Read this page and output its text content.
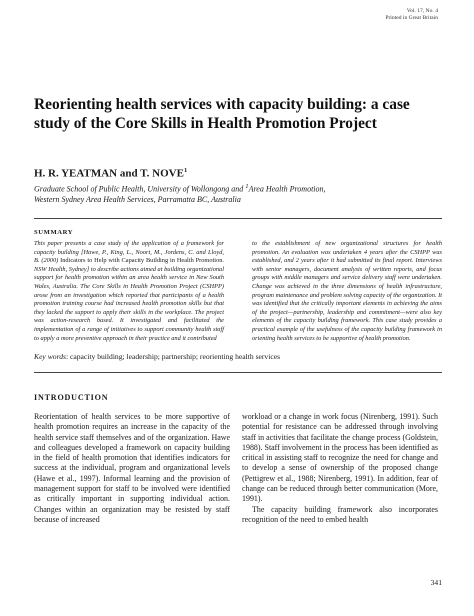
Vol. 17, No. 4
Printed in Great Britain
Reorienting health services with capacity building: a case study of the Core Skills in Health Promotion Project
H. R. YEATMAN and T. NOVE$^1$
Graduate School of Public Health, University of Wollongong and $^1$Area Health Promotion,
Western Sydney Area Health Services, Parramatta BC, Australia
SUMMARY
This paper presents a case study of the application of a framework for capacity building [Hawe, P., King, L., Noort, M., Jordens, C. and Lloyd, B. (2000) Indicators to Help with Capacity Building in Health Promotion. NSW Health, Sydney] to describe actions aimed at building organizational support for health promotion within an area health service in New South Wales, Australia. The Core Skills in Health Promotion Project (CSHPP) arose from an investigation which reported that participants of a health promotion training course had increased health promotion skills but that they lacked the support to apply their skills in the workplace. The project was action-research based. It investigated and facilitated the implementation of a range of initiatives to support community health staff to apply a more preventive approach in their practice and it contributed
to the establishment of new organizational structures for health promotion. An evaluation was undertaken 4 years after the CSHPP was established, and 2 years after it had submitted its final report. Interviews with senior managers, document analysis of written reports, and focus groups with middle managers and service delivery staff were undertaken. Change was achieved in the three dimensions of health infrastructure, program maintenance and problem solving capacity of the organization. It was identified that the critically important elements in achieving the aims of the project—partnership, leadership and commitment—were also key elements of the capacity building framework. This case study provides a practical example of the usefulness of the capacity building framework in orienting health services to be supportive of health promotion.
Key words: capacity building; leadership; partnership; reorienting health services
INTRODUCTION

Reorientation of health services to be more supportive of health promotion requires an increase in the capacity of the health service staff themselves and of the organization. Hawe and colleagues developed a framework on capacity building in the field of health promotion that identifies indicators for success at the individual, program and organizational levels (Hawe et al., 1997). Informal learning and the provision of management support for staff to be involved were identified as critically important in supporting individual action. Changes within an organization may be resisted by staff because of increased

workload or a change in work focus (Nirenberg, 1991). Such potential for resistance can be addressed through involving staff in activities that facilitate the change process (Goldstein, 1988). Staff involvement in the process has been identified as critical in assisting staff to recognize the need for change and to develop a sense of ownership of the proposed change (Pettigrew et al., 1988; Nirenberg, 1991). In addition, fear of change can be reduced through better communication (More, 1991).

The capacity building framework also incorporates recognition of the need to embed health

341
